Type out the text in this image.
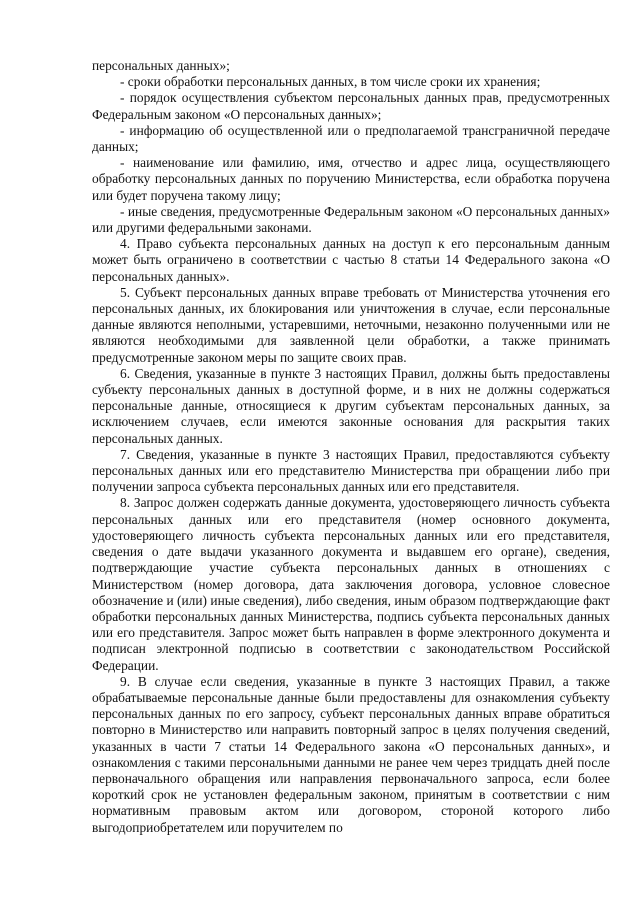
персональных данных»;

- сроки обработки персональных данных, в том числе сроки их хранения;

- порядок осуществления субъектом персональных данных прав, предусмотренных Федеральным законом «О персональных данных»;

- информацию об осуществленной или о предполагаемой трансграничной передаче данных;

- наименование или фамилию, имя, отчество и адрес лица, осуществляющего обработку персональных данных по поручению Министерства, если обработка поручена или будет поручена такому лицу;

- иные сведения, предусмотренные Федеральным законом «О персональных данных» или другими федеральными законами.

4. Право субъекта персональных данных на доступ к его персональным данным может быть ограничено в соответствии с частью 8 статьи 14 Федерального закона «О персональных данных».

5. Субъект персональных данных вправе требовать от Министерства уточнения его персональных данных, их блокирования или уничтожения в случае, если персональные данные являются неполными, устаревшими, неточными, незаконно полученными или не являются необходимыми для заявленной цели обработки, а также принимать предусмотренные законом меры по защите своих прав.

6. Сведения, указанные в пункте 3 настоящих Правил, должны быть предоставлены субъекту персональных данных в доступной форме, и в них не должны содержаться персональные данные, относящиеся к другим субъектам персональных данных, за исключением случаев, если имеются законные основания для раскрытия таких персональных данных.

7. Сведения, указанные в пункте 3 настоящих Правил, предоставляются субъекту персональных данных или его представителю Министерства при обращении либо при получении запроса субъекта персональных данных или его представителя.

8. Запрос должен содержать данные документа, удостоверяющего личность субъекта персональных данных или его представителя (номер основного документа, удостоверяющего личность субъекта персональных данных или его представителя, сведения о дате выдачи указанного документа и выдавшем его органе), сведения, подтверждающие участие субъекта персональных данных в отношениях с Министерством (номер договора, дата заключения договора, условное словесное обозначение и (или) иные сведения), либо сведения, иным образом подтверждающие факт обработки персональных данных Министерства, подпись субъекта персональных данных или его представителя. Запрос может быть направлен в форме электронного документа и подписан электронной подписью в соответствии с законодательством Российской Федерации.

9. В случае если сведения, указанные в пункте 3 настоящих Правил, а также обрабатываемые персональные данные были предоставлены для ознакомления субъекту персональных данных по его запросу, субъект персональных данных вправе обратиться повторно в Министерство или направить повторный запрос в целях получения сведений, указанных в части 7 статьи 14 Федерального закона «О персональных данных», и ознакомления с такими персональными данными не ранее чем через тридцать дней после первоначального обращения или направления первоначального запроса, если более короткий срок не установлен федеральным законом, принятым в соответствии с ним нормативным правовым актом или договором, стороной которого либо выгодоприобретателем или поручителем по
